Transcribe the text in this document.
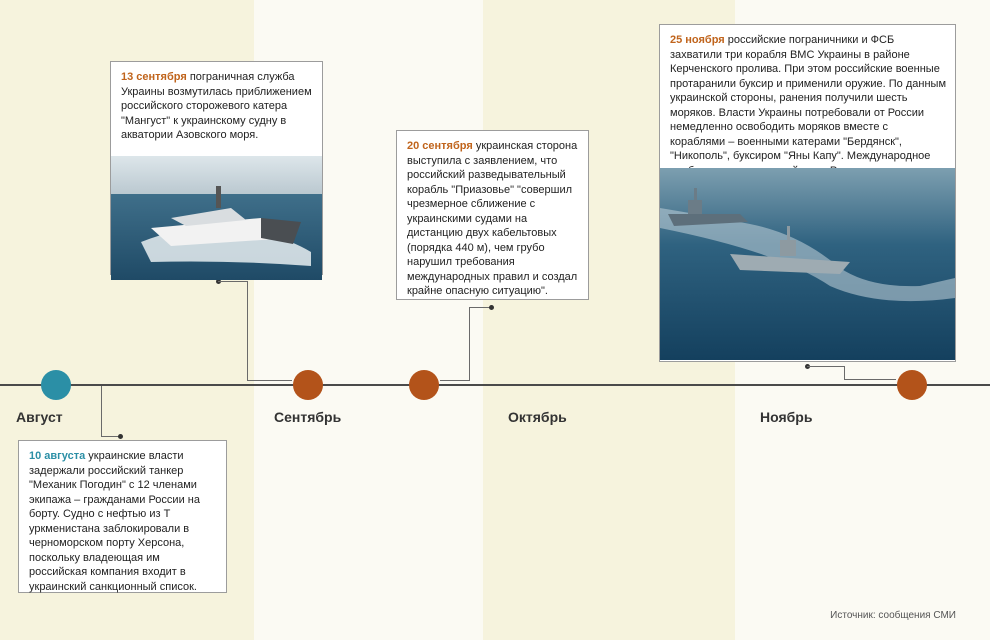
Август	Сентябрь	Октябрь	Ноябрь
13 сентября пограничная служба Украины возмутилась приближением российского сторожевого катера "Мангуст" к украинскому судну в акватории Азовского моря.
20 сентября украинская сторона выступила с заявлением, что российский разведывательный корабль "Приазовье" "совершил чрезмерное сближение с украинскими судами на дистанцию двух кабельтовых (порядка 440 м), чем грубо нарушил требования международных правил и создал крайне опасную ситуацию".
25 ноября российские пограничники и ФСБ захватили три корабля ВМС Украины в районе Керченского пролива. При этом российские военные протаранили буксир и применили оружие. По данным украинской стороны, ранения получили шесть моряков. Власти Украины потребовали от России немедленно освободить моряков вместе с кораблями – военными катерами "Бердянск", "Никополь", буксиром "Яны Капу". Международное
10 августа украинские власти задержали российский танкер "Механик Погодин" с 12 членами экипажа – гражданами России на борту. Судно с нефтью из Т уркменистана заблокировали в черноморском порту Херсона, поскольку владеющая им российская компания входит в украинский санкционный список.
Источник: сообщения СМИ
